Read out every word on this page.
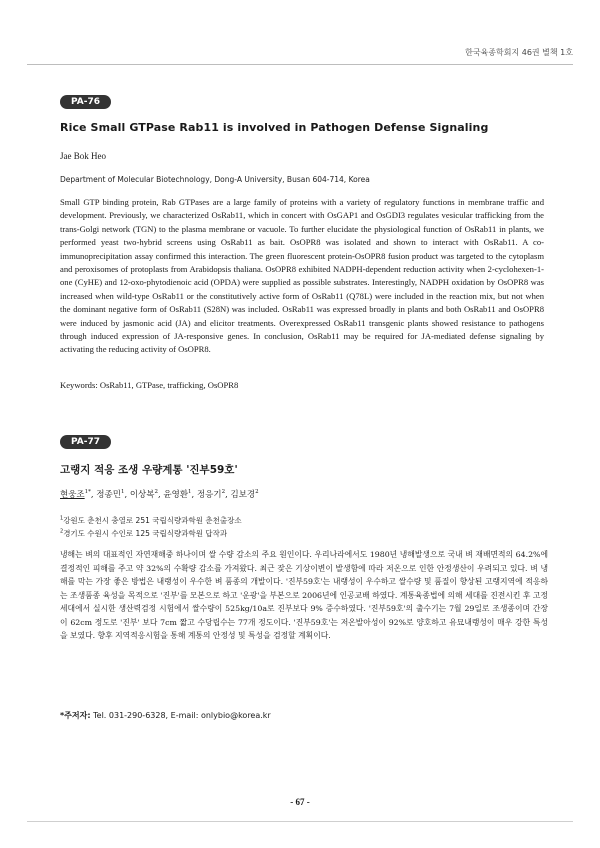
한국육종학회지 46권 별책 1호
PA-76
Rice Small GTPase Rab11 is involved in Pathogen Defense Signaling
Jae Bok Heo
Department of Molecular Biotechnology, Dong-A University, Busan 604-714, Korea

Small GTP binding protein, Rab GTPases are a large family of proteins with a variety of regulatory functions in membrane traffic and development. Previously, we characterized OsRab11, which in concert with OsGAP1 and OsGDI3 regulates vesicular trafficking from the trans-Golgi network (TGN) to the plasma membrane or vacuole. To further elucidate the physiological function of OsRab11 in plants, we performed yeast two-hybrid screens using OsRab11 as bait. OsOPR8 was isolated and shown to interact with OsRab11. A co-immunoprecipitation assay confirmed this interaction. The green fluorescent protein-OsOPR8 fusion product was targeted to the cytoplasm and peroxisomes of protoplasts from Arabidopsis thaliana. OsOPR8 exhibited NADPH-dependent reduction activity when 2-cyclohexen-1-one (CyHE) and 12-oxo-phytodienoic acid (OPDA) were supplied as possible substrates. Interestingly, NADPH oxidation by OsOPR8 was increased when wild-type OsRab11 or the constitutively active form of OsRab11 (Q78L) were included in the reaction mix, but not when the dominant negative form of OsRab11 (S28N) was included. OsRab11 was expressed broadly in plants and both OsRab11 and OsOPR8 were induced by jasmonic acid (JA) and elicitor treatments. Overexpressed OsRab11 transgenic plants showed resistance to pathogens through induced expression of JA-responsive genes. In conclusion, OsRab11 may be required for JA-mediated defense signaling by activating the reducing activity of OsOPR8.

Keywords: OsRab11, GTPase, trafficking, OsOPR8
PA-77
고랭지 적응 조생 우량계통 '진부59호'
현웅조$^{1*}$, 정종민$^1$, 이상복$^2$, 윤영환$^1$, 정응기$^2$, 김보경$^2$
$^1$강원도 춘천시 충열로 251 국립식량과학원 춘천출장소
$^2$경기도 수원시 수인로 125 국립식량과학원 답작과

냉해는 벼의 대표적인 자연재해중 하나이며 쌀 수량 감소의 주요 원인이다. 우리나라에서도 1980년 냉해발생으로 국내 벼 재배면적의 64.2%에 결정적인 피해를 주고 약 32%의 수확량 감소를 가져왔다. 최근 잦은 기상이변이 발생함에 따라 저온으로 인한 안정생산이 우려되고 있다. 벼 냉해를 막는 가장 좋은 방법은 내랭성이 우수한 벼 품종의 개발이다. '진부59호'는 내랭성이 우수하고 쌀수량 및 품질이 향상된 고랭지역에 적응하는 조생품종 육성을 목적으로 '진부'를 모본으로 하고 '운광'을 부본으로 2006년에 인공교배 하였다. 계통육종법에 의해 세대를 진전시킨 후 고정세대에서 실시한 생산력검정 시험에서 쌀수량이 525kg/10a로 진부보다 9% 증수하였다. '진부59호'의 출수기는 7월 29일로 조생종이며 간장이 62cm 정도로 '진부' 보다 7cm 짧고 수당립수는 77개 정도이다. '진부59호'는 저온발아성이 92%로 양호하고 유묘내랭성이 매우 강한 특성을 보였다. 향후 지역적응시험을 통해 계통의 안정성 및 특성을 검정할 계획이다.

*주저자: Tel. 031-290-6328, E-mail: onlybio@korea.kr
- 67 -
